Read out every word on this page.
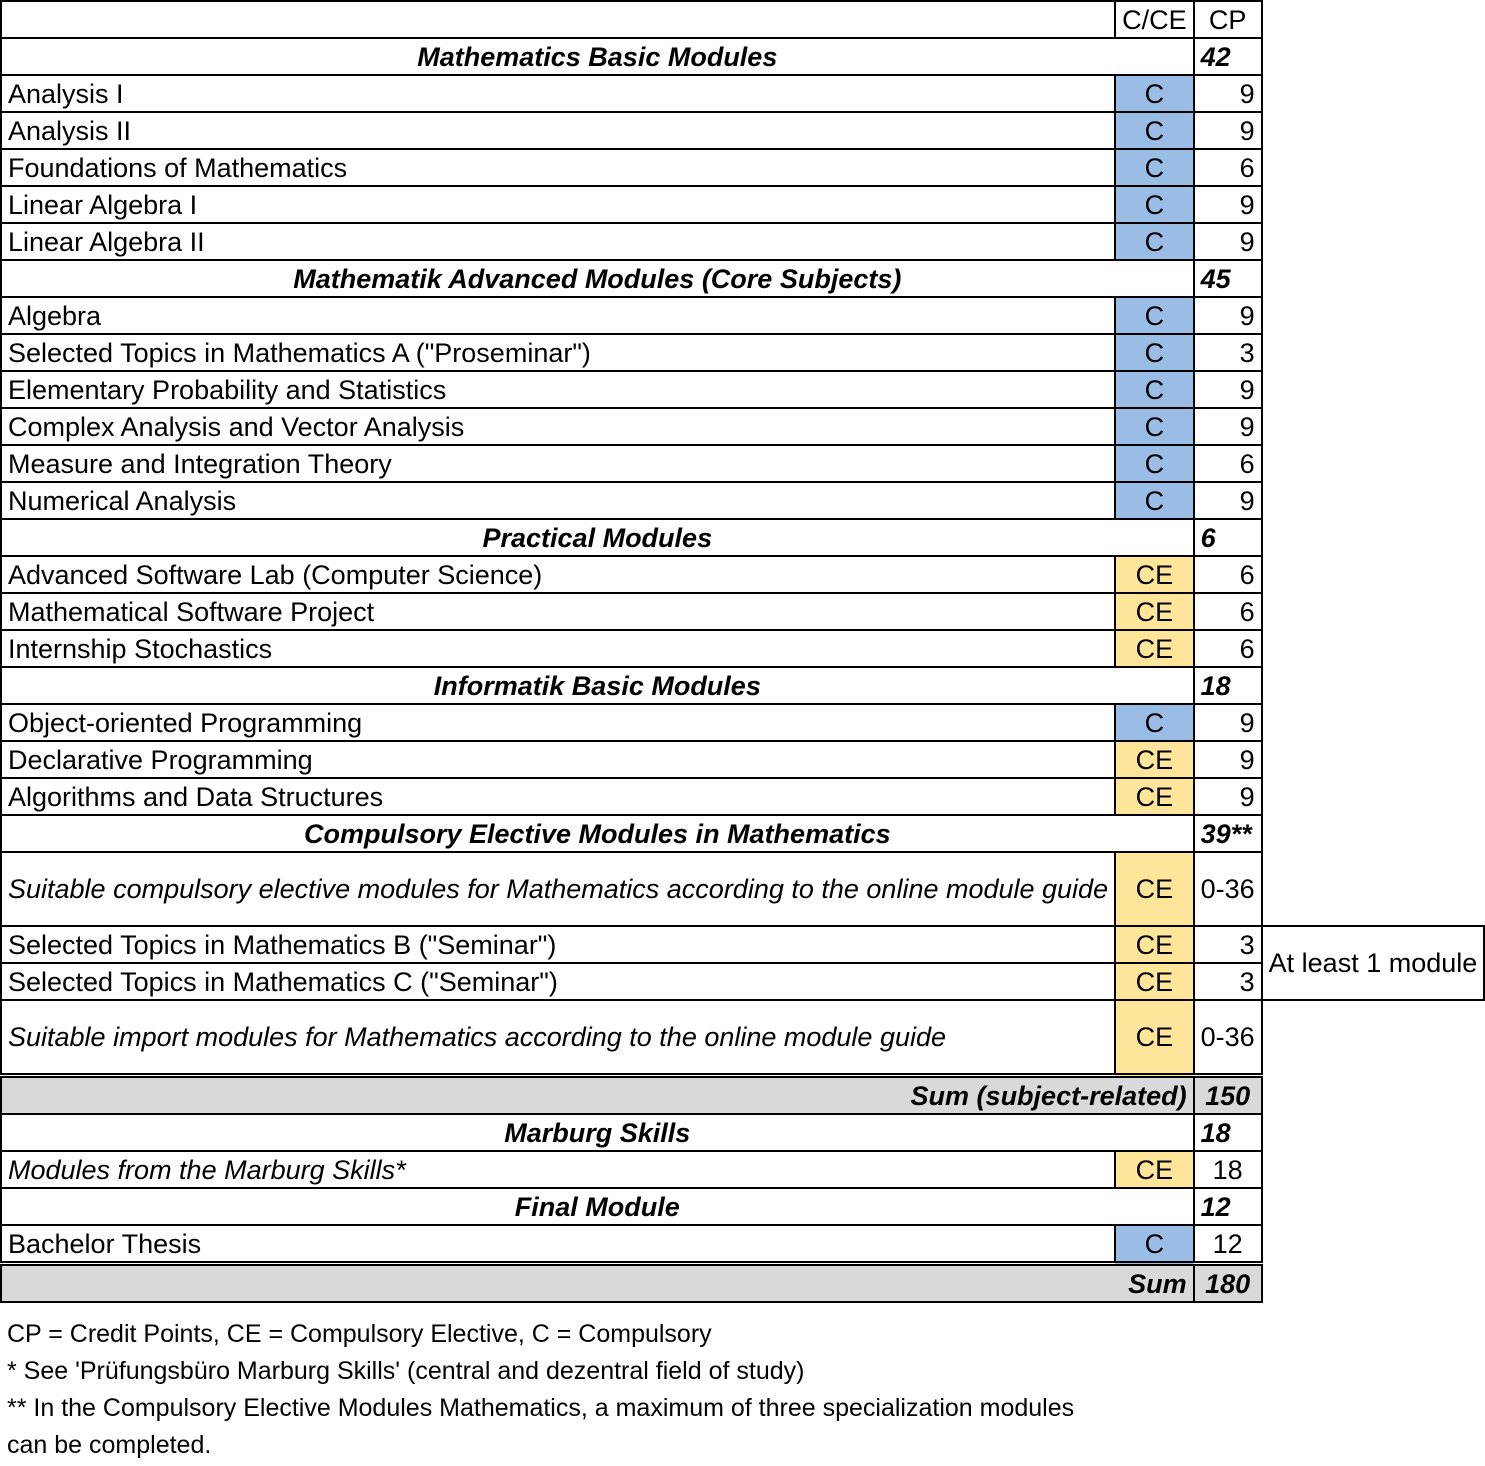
	C/CE	CP	
Mathematics Basic Modules		42	
Analysis I	C	9	
Analysis II	C	9	
Foundations of Mathematics	C	6	
Linear Algebra I	C	9	
Linear Algebra II	C	9	
Mathematik Advanced Modules (Core Subjects)		45	
Algebra	C	9	
Selected Topics in Mathematics A ("Proseminar")	C	3	
Elementary Probability and Statistics	C	9	
Complex Analysis and Vector Analysis	C	9	
Measure and Integration Theory	C	6	
Numerical Analysis	C	9	
Practical Modules		6	
Advanced Software Lab (Computer Science)	CE	6	
Mathematical Software Project	CE	6	
Internship Stochastics	CE	6	
Informatik Basic Modules		18	
Object-oriented Programming	C	9	
Declarative Programming	CE	9	
Algorithms and Data Structures	CE	9	
Compulsory Elective Modules in Mathematics		39**	
Suitable compulsory elective modules for Mathematics according to the online module guide	CE	0-36	
Selected Topics in Mathematics B ("Seminar")	CE	3	At least 1 module
Selected Topics in Mathematics C ("Seminar")	CE	3	
Suitable import modules for Mathematics according to the online module guide	CE	0-36	
Sum (subject-related)		150	
Marburg Skills		18	
Modules from the Marburg Skills*	CE	18	
Final Module		12	
Bachelor Thesis	C	12	
Sum		180	
CP = Credit Points, CE = Compulsory Elective, C = Compulsory
* See 'Prüfungsbüro Marburg Skills' (central and dezentral field of study)
** In the Compulsory Elective Modules Mathematics, a maximum of three specialization modules can be completed.
